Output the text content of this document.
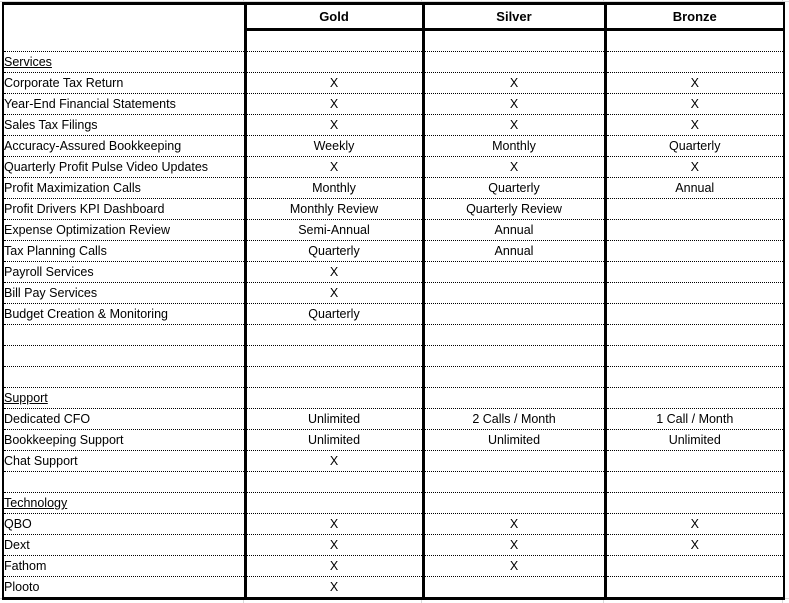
	Gold	Silver	Bronze

Services			
Corporate Tax Return	X	X	X
Year-End Financial Statements	X	X	X
Sales Tax Filings	X	X	X
Accuracy-Assured Bookkeeping	Weekly	Monthly	Quarterly
Quarterly Profit Pulse Video Updates	X	X	X
Profit Maximization Calls	Monthly	Quarterly	Annual
Profit Drivers KPI Dashboard	Monthly Review	Quarterly Review	
Expense Optimization Review	Semi-Annual	Annual	
Tax Planning Calls	Quarterly	Annual	
Payroll Services	X		
Bill Pay Services	X		
Budget Creation & Monitoring	Quarterly		

Support			
Dedicated CFO	Unlimited	2 Calls / Month	1 Call / Month
Bookkeeping Support	Unlimited	Unlimited	Unlimited
Chat Support	X		

Technology			
QBO	X	X	X
Dext	X	X	X
Fathom	X	X	
Plooto	X		
